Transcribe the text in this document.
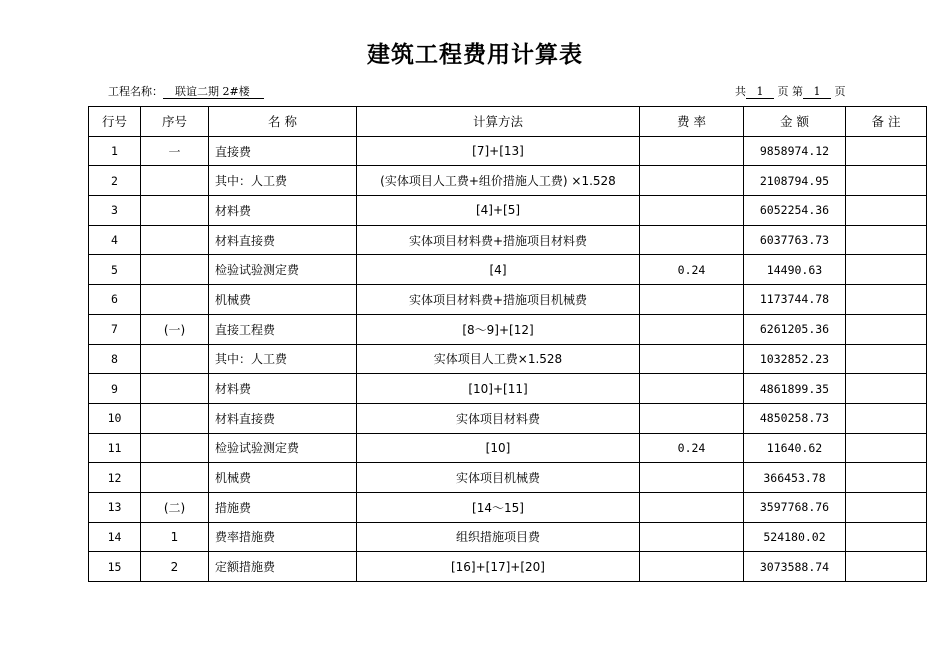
建筑工程费用计算表
工程名称： 联谊二期 2#楼	共 1 页 第 1 页
行号	序号	名 称	计算方法	费 率	金 额	备 注
1	一	直接费	[7]+[13]		9858974.12	
2		其中：人工费	(实体项目人工费+组价措施人工费) ×1.528		2108794.95	
3		材料费	[4]+[5]		6052254.36	
4		材料直接费	实体项目材料费+措施项目材料费		6037763.73	
5		检验试验测定费	[4]	0.24	14490.63	
6		机械费	实体项目材料费+措施项目机械费		1173744.78	
7	(一)	直接工程费	[8～9]+[12]		6261205.36	
8		其中：人工费	实体项目人工费×1.528		1032852.23	
9		材料费	[10]+[11]		4861899.35	
10		材料直接费	实体项目材料费		4850258.73	
11		检验试验测定费	[10]	0.24	11640.62	
12		机械费	实体项目机械费		366453.78	
13	(二)	措施费	[14～15]		3597768.76	
14	1	费率措施费	组织措施项目费		524180.02	
15	2	定额措施费	[16]+[17]+[20]		3073588.74	
